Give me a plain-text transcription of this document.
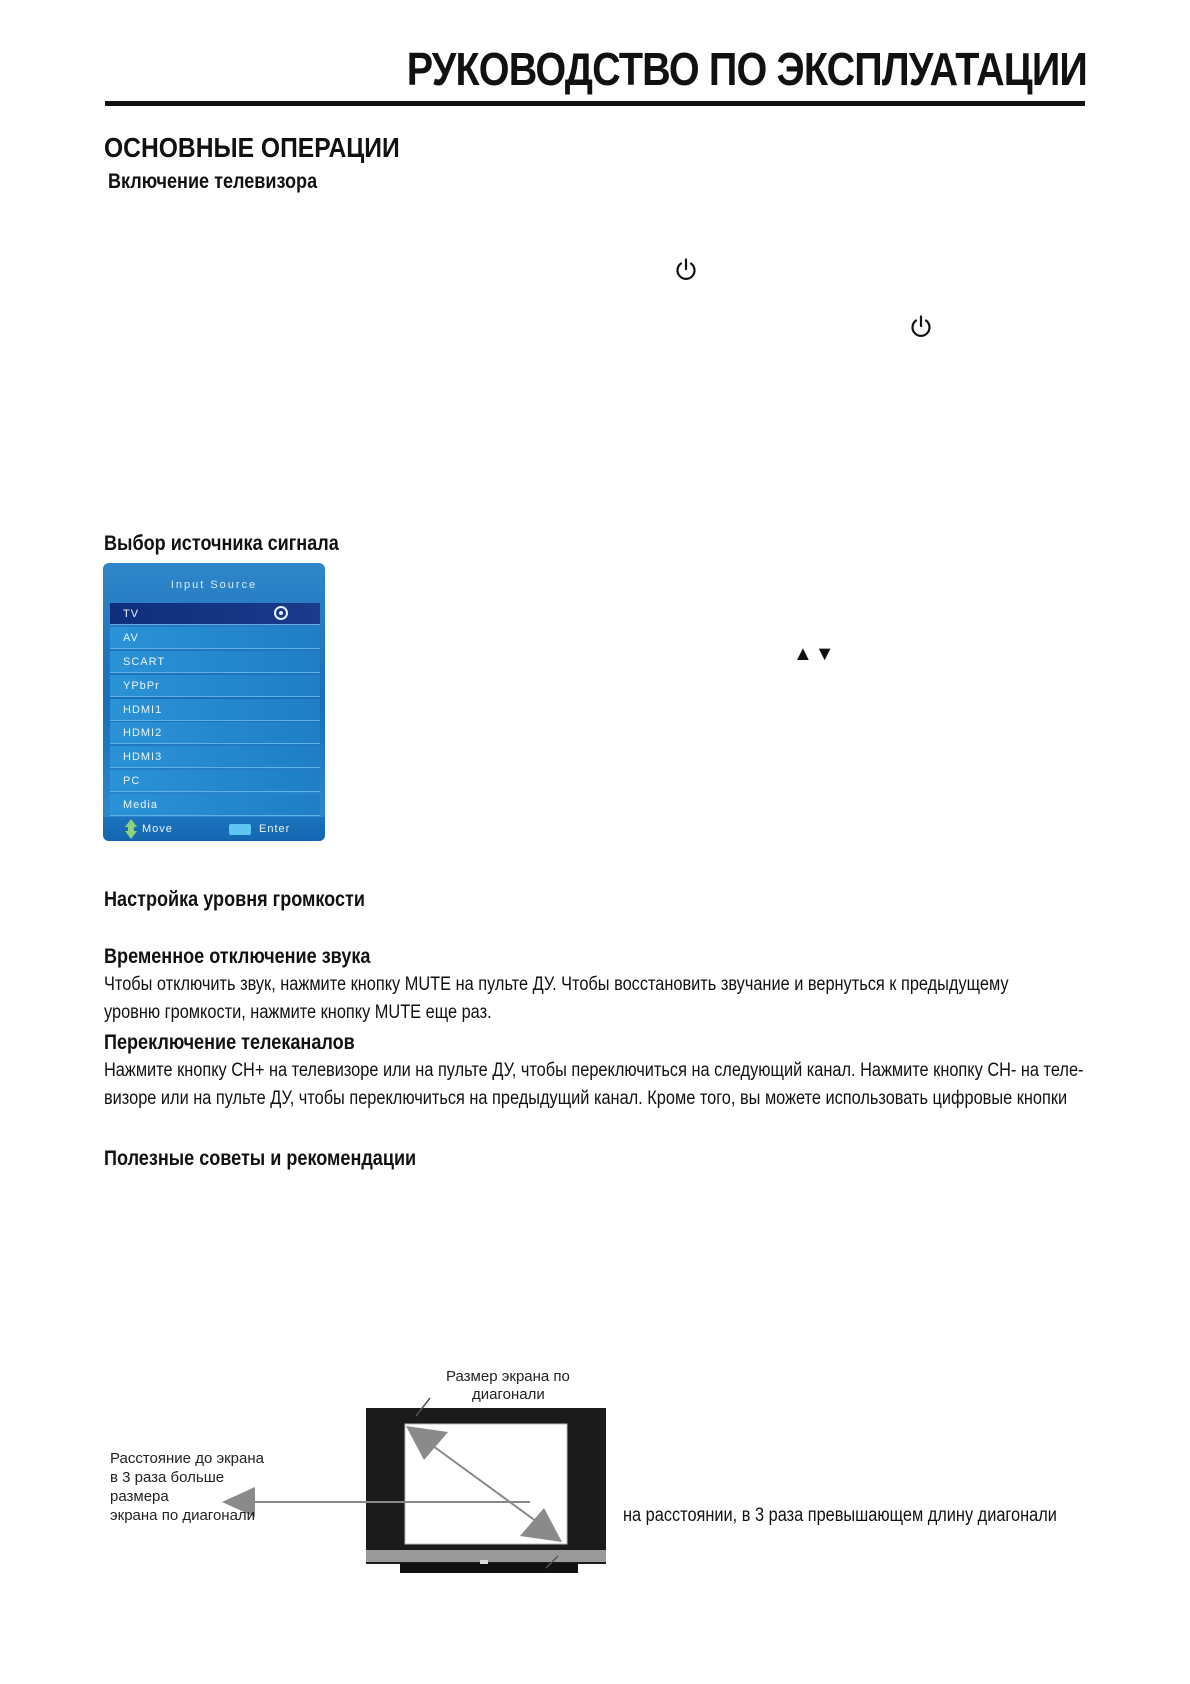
РУКОВОДСТВО ПО ЭКСПЛУАТАЦИИ
ОСНОВНЫЕ ОПЕРАЦИИ
Включение телевизора
Выбор источника сигнала
▲▼
Input Source
TV
AV
SCART
YPbPr
HDMI1
HDMI2
HDMI3
PC
Media
Move	Enter
Настройка уровня громкости
Временное отключение звука
Чтобы отключить звук, нажмите кнопку MUTE на пульте ДУ. Чтобы восстановить звучание и вернуться к предыдущему
уровню громкости, нажмите кнопку MUTE еще раз.
Переключение телеканалов
Нажмите кнопку CH+ на телевизоре или на пульте ДУ, чтобы переключиться на следующий канал. Нажмите кнопку CH- на теле-
визоре или на пульте ДУ, чтобы переключиться на предыдущий канал. Кроме того, вы можете использовать цифровые кнопки
Полезные советы и рекомендации
Размер экрана по
диагонали
Расстояние до экрана
в 3 раза больше
размера
экрана по диагонали	на расстоянии, в 3 раза превышающем длину диагонали
